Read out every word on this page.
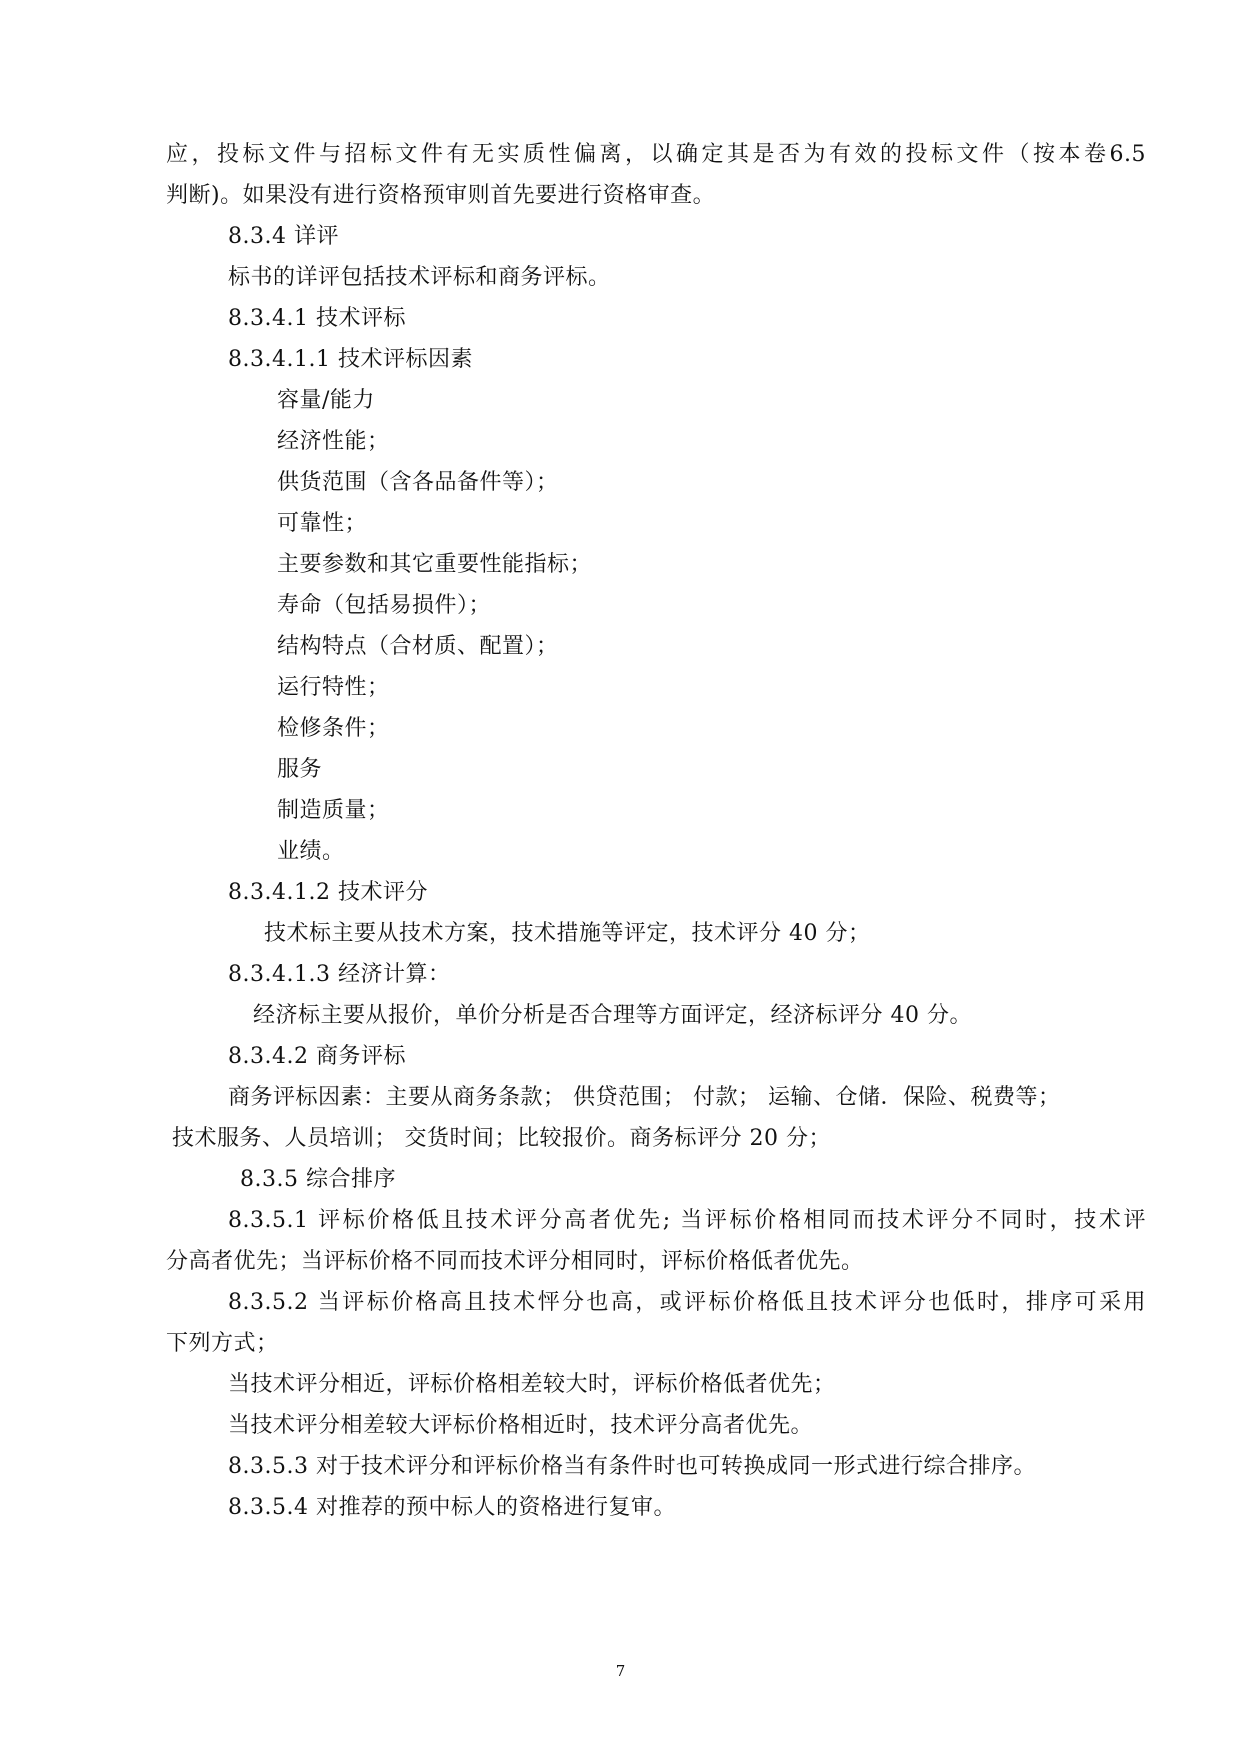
应，投标文件与招标文件有无实质性偏离，以确定其是否为有效的投标文件（按本卷6.5
判断)。如果没有进行资格预审则首先要进行资格审查。
8.3.4 详评
标书的详评包括技术评标和商务评标。
8.3.4.1 技术评标
8.3.4.1.1 技术评标因素
容量/能力
经济性能；
供货范围（含各品备件等）；
可靠性；
主要参数和其它重要性能指标；
寿命（包括易损件）；
结构特点（合材质、配置）；
运行特性；
检修条件；
服务
制造质量；
业绩。
8.3.4.1.2 技术评分
技术标主要从技术方案，技术措施等评定，技术评分 40 分；
8.3.4.1.3 经济计算：
经济标主要从报价，单价分析是否合理等方面评定，经济标评分 40 分。
8.3.4.2 商务评标
商务评标因素：主要从商务条款； 供贷范围； 付款； 运输、仓储．保险、税费等；
技术服务、人员培训； 交货时间；比较报价。商务标评分 20 分；
8.3.5 综合排序
8.3.5.1 评标价格低且技术评分高者优先; 当评标价格相同而技术评分不同时，技术评
分高者优先；当评标价格不同而技术评分相同时，评标价格低者优先。
8.3.5.2 当评标价格高且技术怦分也高，或评标价格低且技术评分也低时，排序可采用
下列方式；
当技术评分相近，评标价格相差较大时，评标价格低者优先；
当技术评分相差较大评标价格相近时，技术评分高者优先。
8.3.5.3 对于技术评分和评标价格当有条件时也可转换成同一形式进行综合排序。
8.3.5.4 对推荐的预中标人的资格进行复审。
7
